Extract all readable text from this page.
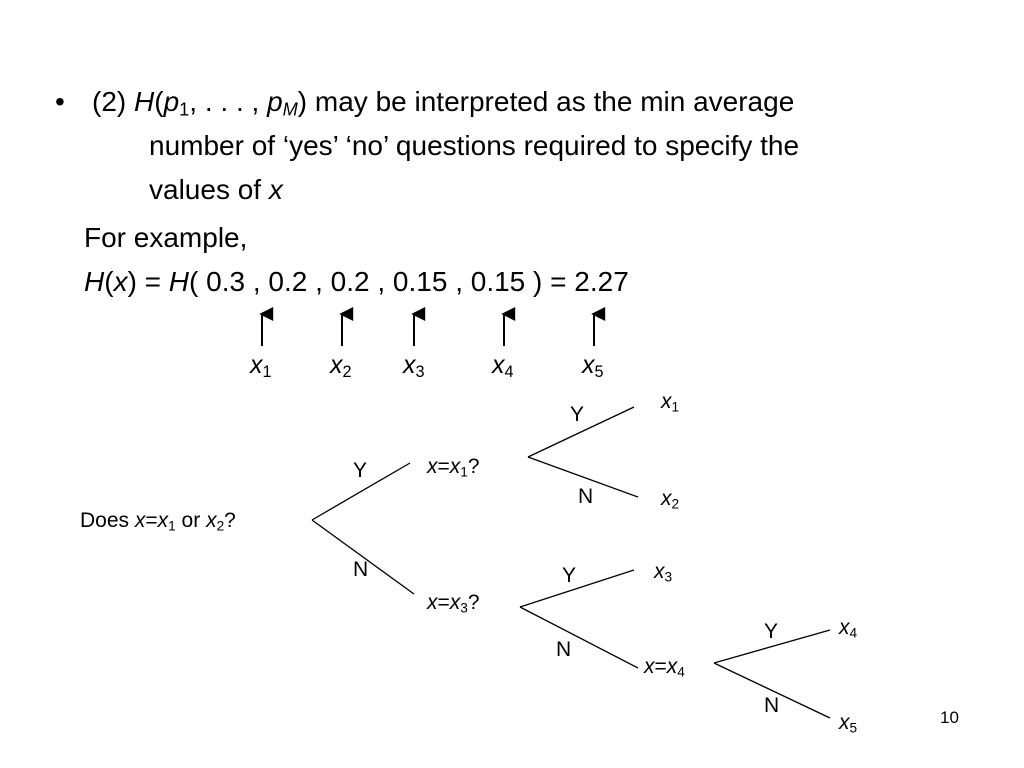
• (2) $H(p_1$, . . . , $p_M$) may be interpreted as the min average
number of ‘yes’ ‘no’ questions required to specify the
values of x
For example,
H(x) = H( 0.3 , 0.2 , 0.2 , 0.15 , 0.15 ) = 2.27
$x_1$ $x_2$ $x_3$	$x_4$	$x_5$
Does $x=x_1$ or $x_2$?
$x=x_1$?
$x=x_3$?
$x=x_4$
Y
N
Y
N
Y
N
Y
N
$x_1$
$x_2$
$x_3$
$x_4$
$x_5$
10
